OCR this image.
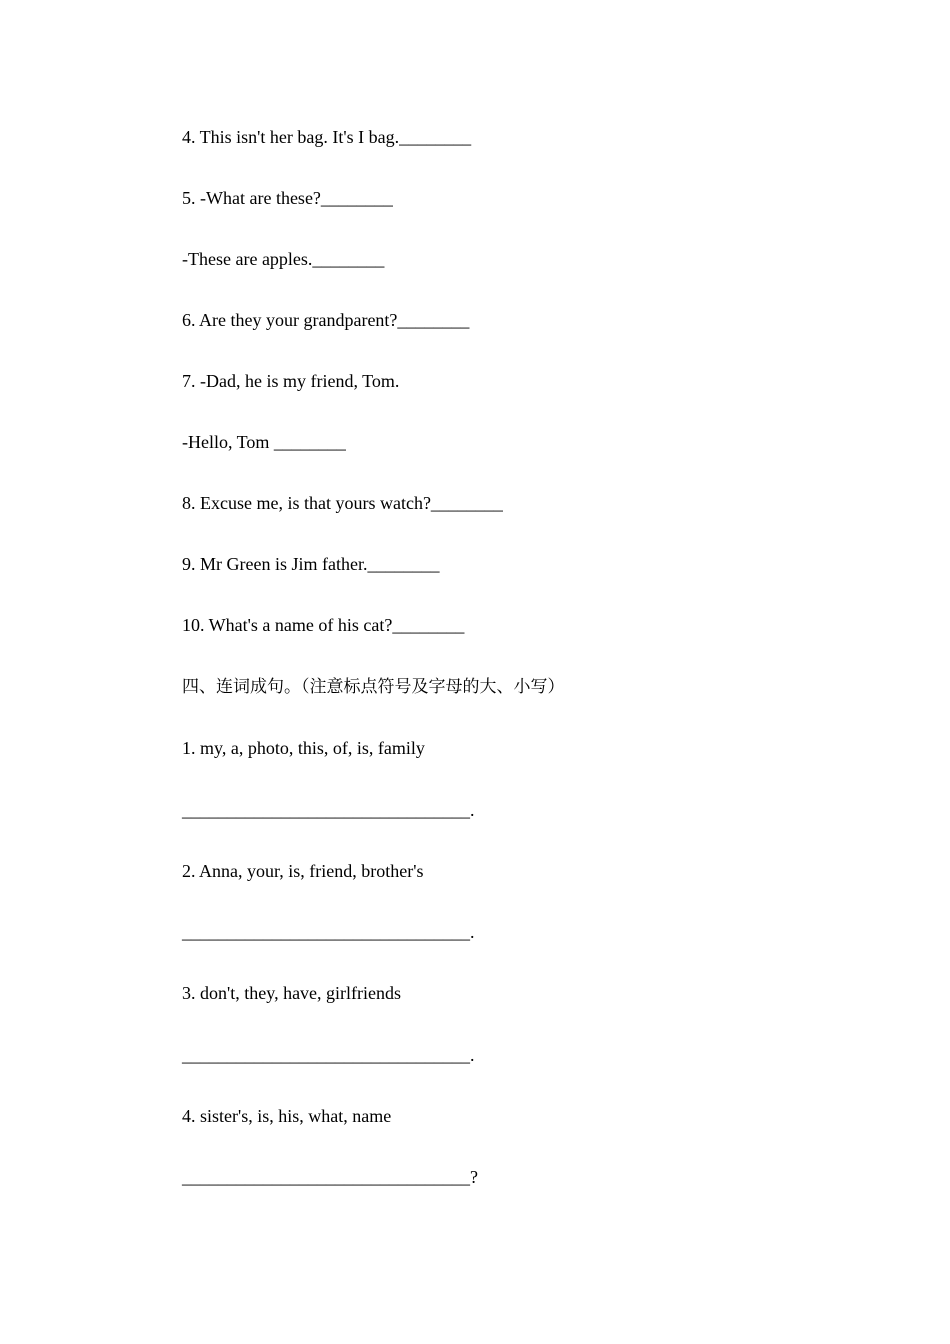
4. This isn't her bag. It's I bag.________

5. -What are these?________

-These are apples.________

6. Are they your grandparent?________

7. -Dad, he is my friend, Tom.

-Hello, Tom ________

8. Excuse me, is that yours watch?________

9. Mr Green is Jim father.________

10. What's a name of his cat?________

四、连词成句。（注意标点符号及字母的大、小写）

1. my, a, photo, this, of, is, family

________________________________.

2. Anna, your, is, friend, brother's

________________________________.

3. don't, they, have, girlfriends

________________________________.

4. sister's, is, his, what, name

________________________________?
